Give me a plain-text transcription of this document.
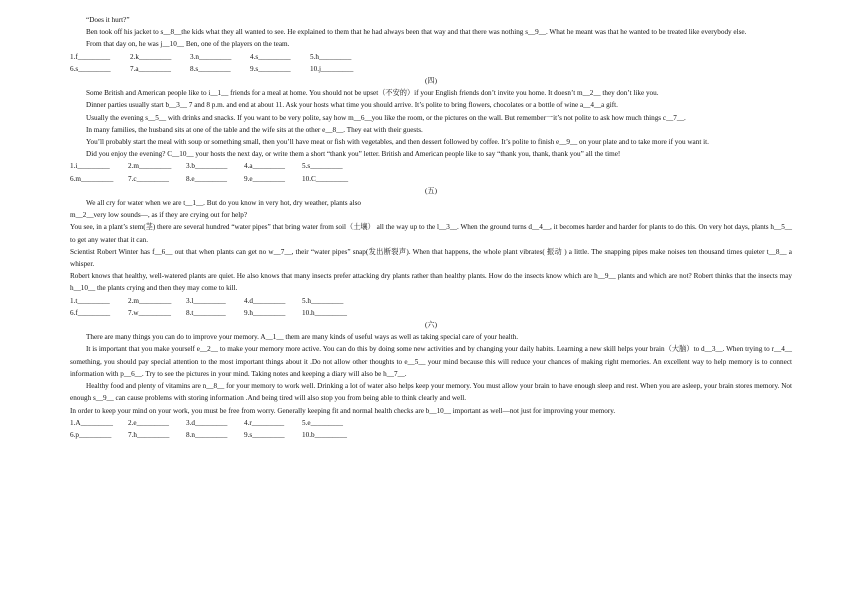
“Does it hurt?”

Ben took off his jacket to s__8__the kids what they all wanted to see. He explained to them that he had always been that way and that there was nothing s__9__. What he meant was that he wanted to be treated like everybody else.

From that day on, he was j__10__ Ben, one of the players on the team.

1.f_________	2.k_________	3.n_________	4.s_________	5.h_________
6.s_________	7.a_________	8.s_________	9.s_________	10.j_________

(四)

Some British and American people like to i__1__ friends for a meal at home. You should not be upset（不安的）if your English friends don’t invite you home. It doesn’t m__2__ they don’t like you.

Dinner parties usually start b__3__ 7 and 8 p.m. and end at about 11. Ask your hosts what time you should arrive. It’s polite to bring flowers, chocolates or a bottle of wine a__4__a gift.

Usually the evening s__5__ with drinks and snacks. If you want to be very polite, say how m__6__you like the room, or the pictures on the wall. But remember一it’s not polite to ask how much things c__7__.

In many families, the husband sits at one of the table and the wife sits at the other e__8__. They eat with their guests.

You’ll probably start the meal with soup or something small, then you’ll have meat or fish with vegetables, and then dessert followed by coffee. It’s polite to finish e__9__ on your plate and to take more if you want it.

Did you enjoy the evening? C__10__ your hosts the next day, or write them a short “thank you” letter. British and American people like to say “thank you, thank, thank you” all the time!

1.i_________	2.m_________	3.b_________	4.a_________	5.s_________
6.m_________	7.c_________	8.e_________	9.e_________	10.C_________

(五)

We all cry for water when we are t__1__. But do you know in very hot, dry weather, plants also

m__2__very low sounds—, as if they are crying out for help?

You see, in a plant’s stem(茎) there are several hundred “water pipes” that bring water from soil（土壤） all the way up to the l__3__. When the ground turns d__4__, it becomes harder and harder for plants to do this. On very hot days, plants h__5__ to get any water that it can.

Scientist Robert Winter has f__6__ out that when plants can get no w__7__, their “water pipes” snap(发出断裂声). When that happens, the whole plant vibrates( 振动 ) a little. The snapping pipes make noises ten thousand times quieter t__8__ a whisper.

Robert knows that healthy, well-watered plants are quiet. He also knows that many insects prefer attacking dry plants rather than healthy plants. How do the insects know which are h__9__ plants and which are not? Robert thinks that the insects may h__10__ the plants crying and then they may come to kill.

1.t_________	2.m_________	3.l_________	4.d_________	5.h_________
6.f_________	7.w_________	8.t_________	9.h_________	10.h_________

(六)

There are many things you can do to improve your memory. A__1__ them are many kinds of useful ways as well as taking special care of your health.

It is important that you make yourself e__2__ to make your memory more active. You can do this by doing some new activities and by changing your daily habits. Learning a new skill helps your brain（大脑）to d__3__. When trying to r__4__ something, you should pay special attention to the most important things about it .Do not allow other thoughts to e__5__ your mind because this will reduce your chances of making right memories. An excellent way to help memory is to connect information with p__6__. Try to see the pictures in your mind. Taking notes and keeping a diary will also be h__7__.

Healthy food and plenty of vitamins are n__8__ for your memory to work well. Drinking a lot of water also helps keep your memory. You must allow your brain to have enough sleep and rest. When you are asleep, your brain stores memory. Not enough s__9__ can cause problems with storing information .And being tired will also stop you from being able to think clearly and well.

In order to keep your mind on your work, you must be free from worry. Generally keeping fit and normal health checks are b__10__ important as well—not just for improving your memory.

1.A_________	2.e_________	3.d_________	4.r_________	5.e_________
6.p_________	7.h_________	8.n_________	9.s_________	10.b_________
